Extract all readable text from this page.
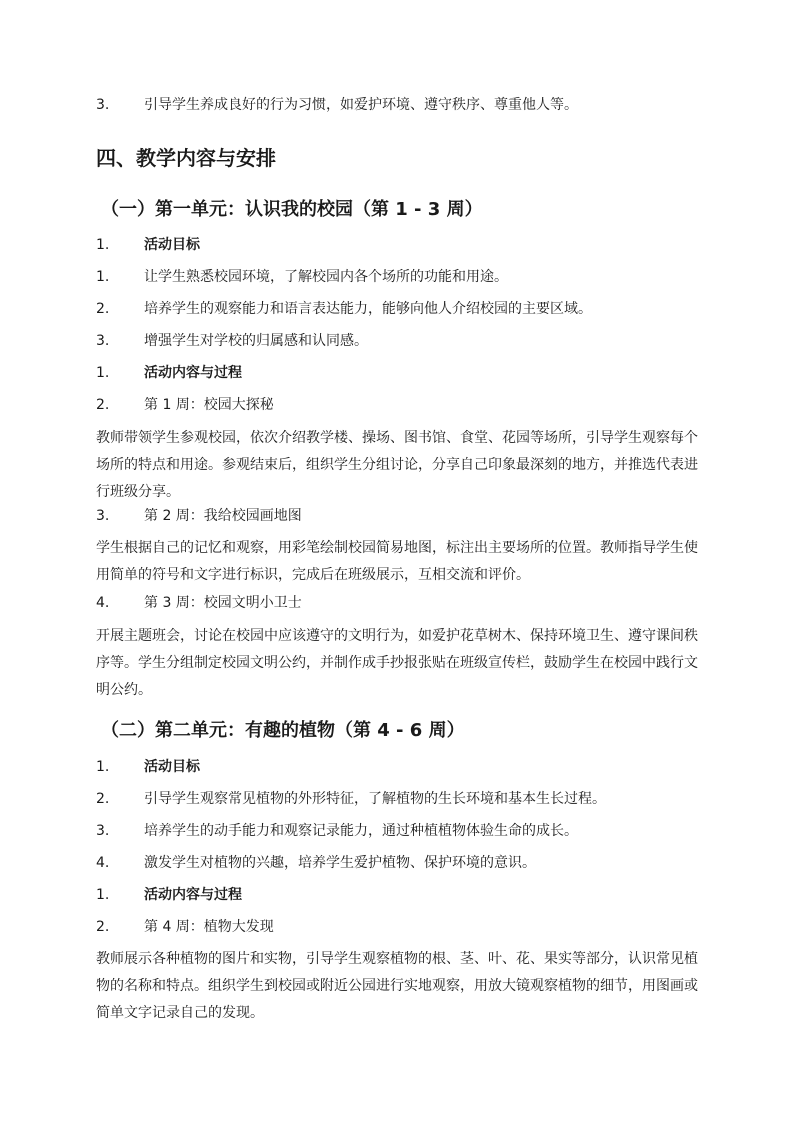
3. 引导学生养成良好的行为习惯，如爱护环境、遵守秩序、尊重他人等。
四、教学内容与安排
（一）第一单元：认识我的校园（第 1 - 3 周）
1. 活动目标
1. 让学生熟悉校园环境，了解校园内各个场所的功能和用途。
2. 培养学生的观察能力和语言表达能力，能够向他人介绍校园的主要区域。
3. 增强学生对学校的归属感和认同感。
1. 活动内容与过程
2. 第 1 周：校园大探秘
教师带领学生参观校园，依次介绍教学楼、操场、图书馆、食堂、花园等场所，引导学生观察每个场所的特点和用途。参观结束后，组织学生分组讨论，分享自己印象最深刻的地方，并推选代表进行班级分享。
3. 第 2 周：我给校园画地图
学生根据自己的记忆和观察，用彩笔绘制校园简易地图，标注出主要场所的位置。教师指导学生使用简单的符号和文字进行标识，完成后在班级展示，互相交流和评价。
4. 第 3 周：校园文明小卫士
开展主题班会，讨论在校园中应该遵守的文明行为，如爱护花草树木、保持环境卫生、遵守课间秩序等。学生分组制定校园文明公约，并制作成手抄报张贴在班级宣传栏，鼓励学生在校园中践行文明公约。
（二）第二单元：有趣的植物（第 4 - 6 周）
1. 活动目标
2. 引导学生观察常见植物的外形特征，了解植物的生长环境和基本生长过程。
3. 培养学生的动手能力和观察记录能力，通过种植植物体验生命的成长。
4. 激发学生对植物的兴趣，培养学生爱护植物、保护环境的意识。
1. 活动内容与过程
2. 第 4 周：植物大发现
教师展示各种植物的图片和实物，引导学生观察植物的根、茎、叶、花、果实等部分，认识常见植物的名称和特点。组织学生到校园或附近公园进行实地观察，用放大镜观察植物的细节，用图画或简单文字记录自己的发现。
